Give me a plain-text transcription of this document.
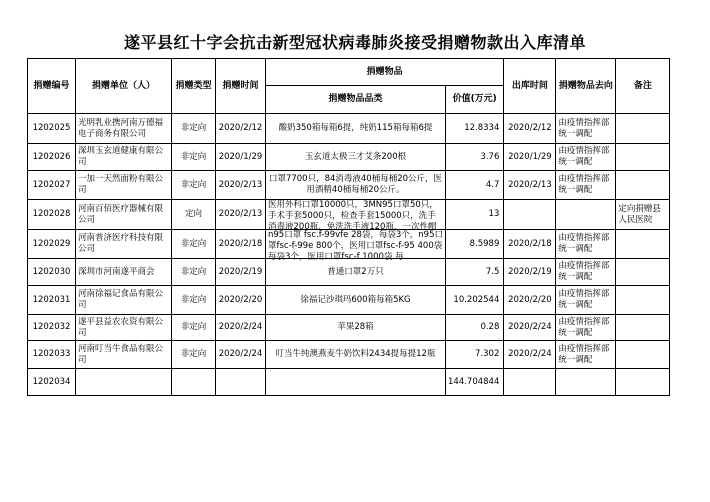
遂平县红十字会抗击新型冠状病毒肺炎接受捐赠物款出入库清单
捐赠编号	捐赠单位（人）	捐赠类型	捐赠时间	捐赠物品		出库时间	捐赠物品去向	备注
				捐赠物品品类	价值(万元)			
1202025	光明乳业携河南万德福电子商务有限公司	非定向	2020/2/12	酸奶350箱每箱6提，纯奶115箱每箱6提	12.8334	2020/2/12	由疫情指挥部统一调配	
1202026	深圳玉玄道健康有限公司	非定向	2020/1/29	玉玄道太极三才艾条200根	3.76	2020/1/29	由疫情指挥部统一调配	
1202027	一加一天然面粉有限公司	非定向	2020/2/13	口罩7700只，84消毒液40桶每桶20公斤，医用酒精40桶每桶20公斤。	4.7	2020/2/13	由疫情指挥部统一调配	
1202028	河南百佰医疗器械有限公司	定向	2020/2/13	医用外科口罩10000只，3MN95口罩50只，手术手套5000只，检查手套15000只，洗手消毒液200瓶，免洗洗手液120瓶，一次性帽	13			定向捐赠县人民医院
1202029	河南普济医疗科技有限公司	非定向	2020/2/18	n95口罩 fsc.f-99vfe 28袋，每袋3个，n95口罩fsc-f-99e 800个，医用口罩fsc-f-95 400袋 每袋3个，医用口罩fsc-f 1000袋 每	8.5989	2020/2/18	由疫情指挥部统一调配	
1202030	深圳市河南遂平商会	非定向	2020/2/19	普通口罩2万只	7.5	2020/2/19	由疫情指挥部统一调配	
1202031	河南徐福记食品有限公司	非定向	2020/2/20	徐福记沙琪玛600箱每箱5KG	10.202544	2020/2/20	由疫情指挥部统一调配	
1202032	遂平县益农农资有限公司	非定向	2020/2/24	苹果28箱	0.28	2020/2/24	由疫情指挥部统一调配	
1202033	河南叮当牛食品有限公司	非定向	2020/2/24	叮当牛纯澳燕麦牛奶饮料2434提每提12瓶	7.302	2020/2/24	由疫情指挥部统一调配	
1202034					144.704844			
